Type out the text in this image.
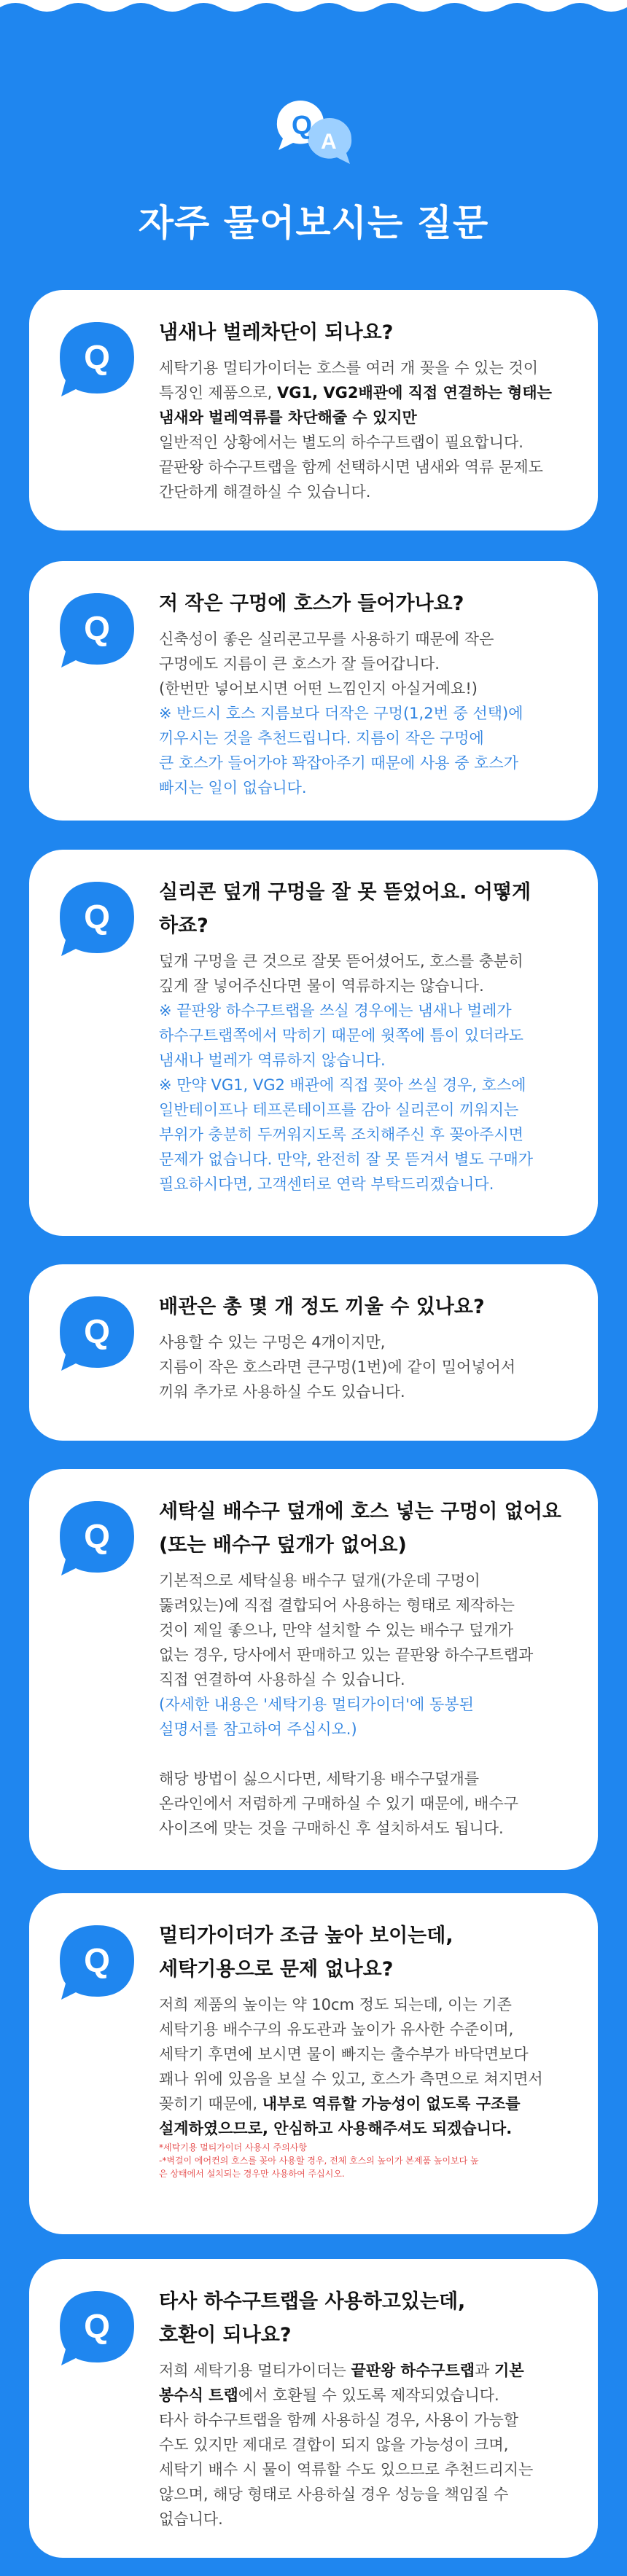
Q
A
자주 물어보시는 질문
Q
냄새나 벌레차단이 되나요?

세탁기용 멀티가이더는 호스를 여러 개 꽂을 수 있는 것이

특징인 제품으로, VG1, VG2배관에 직접 연결하는 형태는

냄새와 벌레역류를 차단해줄 수 있지만

일반적인 상황에서는 별도의 하수구트랩이 필요합니다.

끝판왕 하수구트랩을 함께 선택하시면 냄새와 역류 문제도

간단하게 해결하실 수 있습니다.

Q
저 작은 구멍에 호스가 들어가나요?

신축성이 좋은 실리콘고무를 사용하기 때문에 작은

구멍에도 지름이 큰 호스가 잘 들어갑니다.

(한번만 넣어보시면 어떤 느낌인지 아실거예요!)

※ 반드시 호스 지름보다 더작은 구멍(1,2번 중 선택)에

끼우시는 것을 추천드립니다. 지름이 작은 구멍에

큰 호스가 들어가야 꽉잡아주기 때문에 사용 중 호스가

빠지는 일이 없습니다.

Q
실리콘 덮개 구멍을 잘 못 뜯었어요. 어떻게
하죠?

덮개 구멍을 큰 것으로 잘못 뜯어셨어도, 호스를 충분히

깊게 잘 넣어주신다면 물이 역류하지는 않습니다.

※ 끝판왕 하수구트랩을 쓰실 경우에는 냄새나 벌레가

하수구트랩쪽에서 막히기 때문에 윗쪽에 틈이 있더라도

냄새나 벌레가 역류하지 않습니다.

※ 만약 VG1, VG2 배관에 직접 꽂아 쓰실 경우, 호스에

일반테이프나 테프론테이프를 감아 실리콘이 끼워지는

부위가 충분히 두꺼워지도록 조치해주신 후 꽂아주시면

문제가 없습니다. 만약, 완전히 잘 못 뜯겨서 별도 구매가

필요하시다면, 고객센터로 연락 부탁드리겠습니다.

Q
배관은 총 몇 개 정도 끼울 수 있나요?

사용할 수 있는 구멍은 4개이지만,

지름이 작은 호스라면 큰구멍(1번)에 같이 밀어넣어서

끼워 추가로 사용하실 수도 있습니다.

Q
세탁실 배수구 덮개에 호스 넣는 구멍이 없어요
(또는 배수구 덮개가 없어요)

기본적으로 세탁실용 배수구 덮개(가운데 구멍이

뚫려있는)에 직접 결합되어 사용하는 형태로 제작하는

것이 제일 좋으나, 만약 설치할 수 있는 배수구 덮개가

없는 경우, 당사에서 판매하고 있는 끝판왕 하수구트랩과

직접 연결하여 사용하실 수 있습니다.

(자세한 내용은 '세탁기용 멀티가이더'에 동봉된

설명서를 참고하여 주십시오.)

해당 방법이 싫으시다면, 세탁기용 배수구덮개를

온라인에서 저렴하게 구매하실 수 있기 때문에, 배수구

사이즈에 맞는 것을 구매하신 후 설치하셔도 됩니다.

Q
멀티가이더가 조금 높아 보이는데,
세탁기용으로 문제 없나요?

저희 제품의 높이는 약 10cm 정도 되는데, 이는 기존

세탁기용 배수구의 유도관과 높이가 유사한 수준이며,

세탁기 후면에 보시면 물이 빠지는 출수부가 바닥면보다

꽤나 위에 있음을 보실 수 있고, 호스가 측면으로 쳐지면서

꽂히기 때문에, 내부로 역류할 가능성이 없도록 구조를

설계하였으므로, 안심하고 사용해주셔도 되겠습니다.

*세탁기용 멀티가이더 사용시 주의사항

-*벽걸이 에어컨의 호스를 꽂아 사용할 경우, 전체 호스의 높이가 본제품 높이보다 높

은 상태에서 설치되는 경우만 사용하여 주십시오.

Q
타사 하수구트랩을 사용하고있는데,
호환이 되나요?

저희 세탁기용 멀티가이더는 끝판왕 하수구트랩과 기본

봉수식 트랩에서 호환될 수 있도록 제작되었습니다.

타사 하수구트랩을 함께 사용하실 경우, 사용이 가능할

수도 있지만 제대로 결합이 되지 않을 가능성이 크며,

세탁기 배수 시 물이 역류할 수도 있으므로 추천드리지는

않으며, 해당 형태로 사용하실 경우 성능을 책임질 수

없습니다.
